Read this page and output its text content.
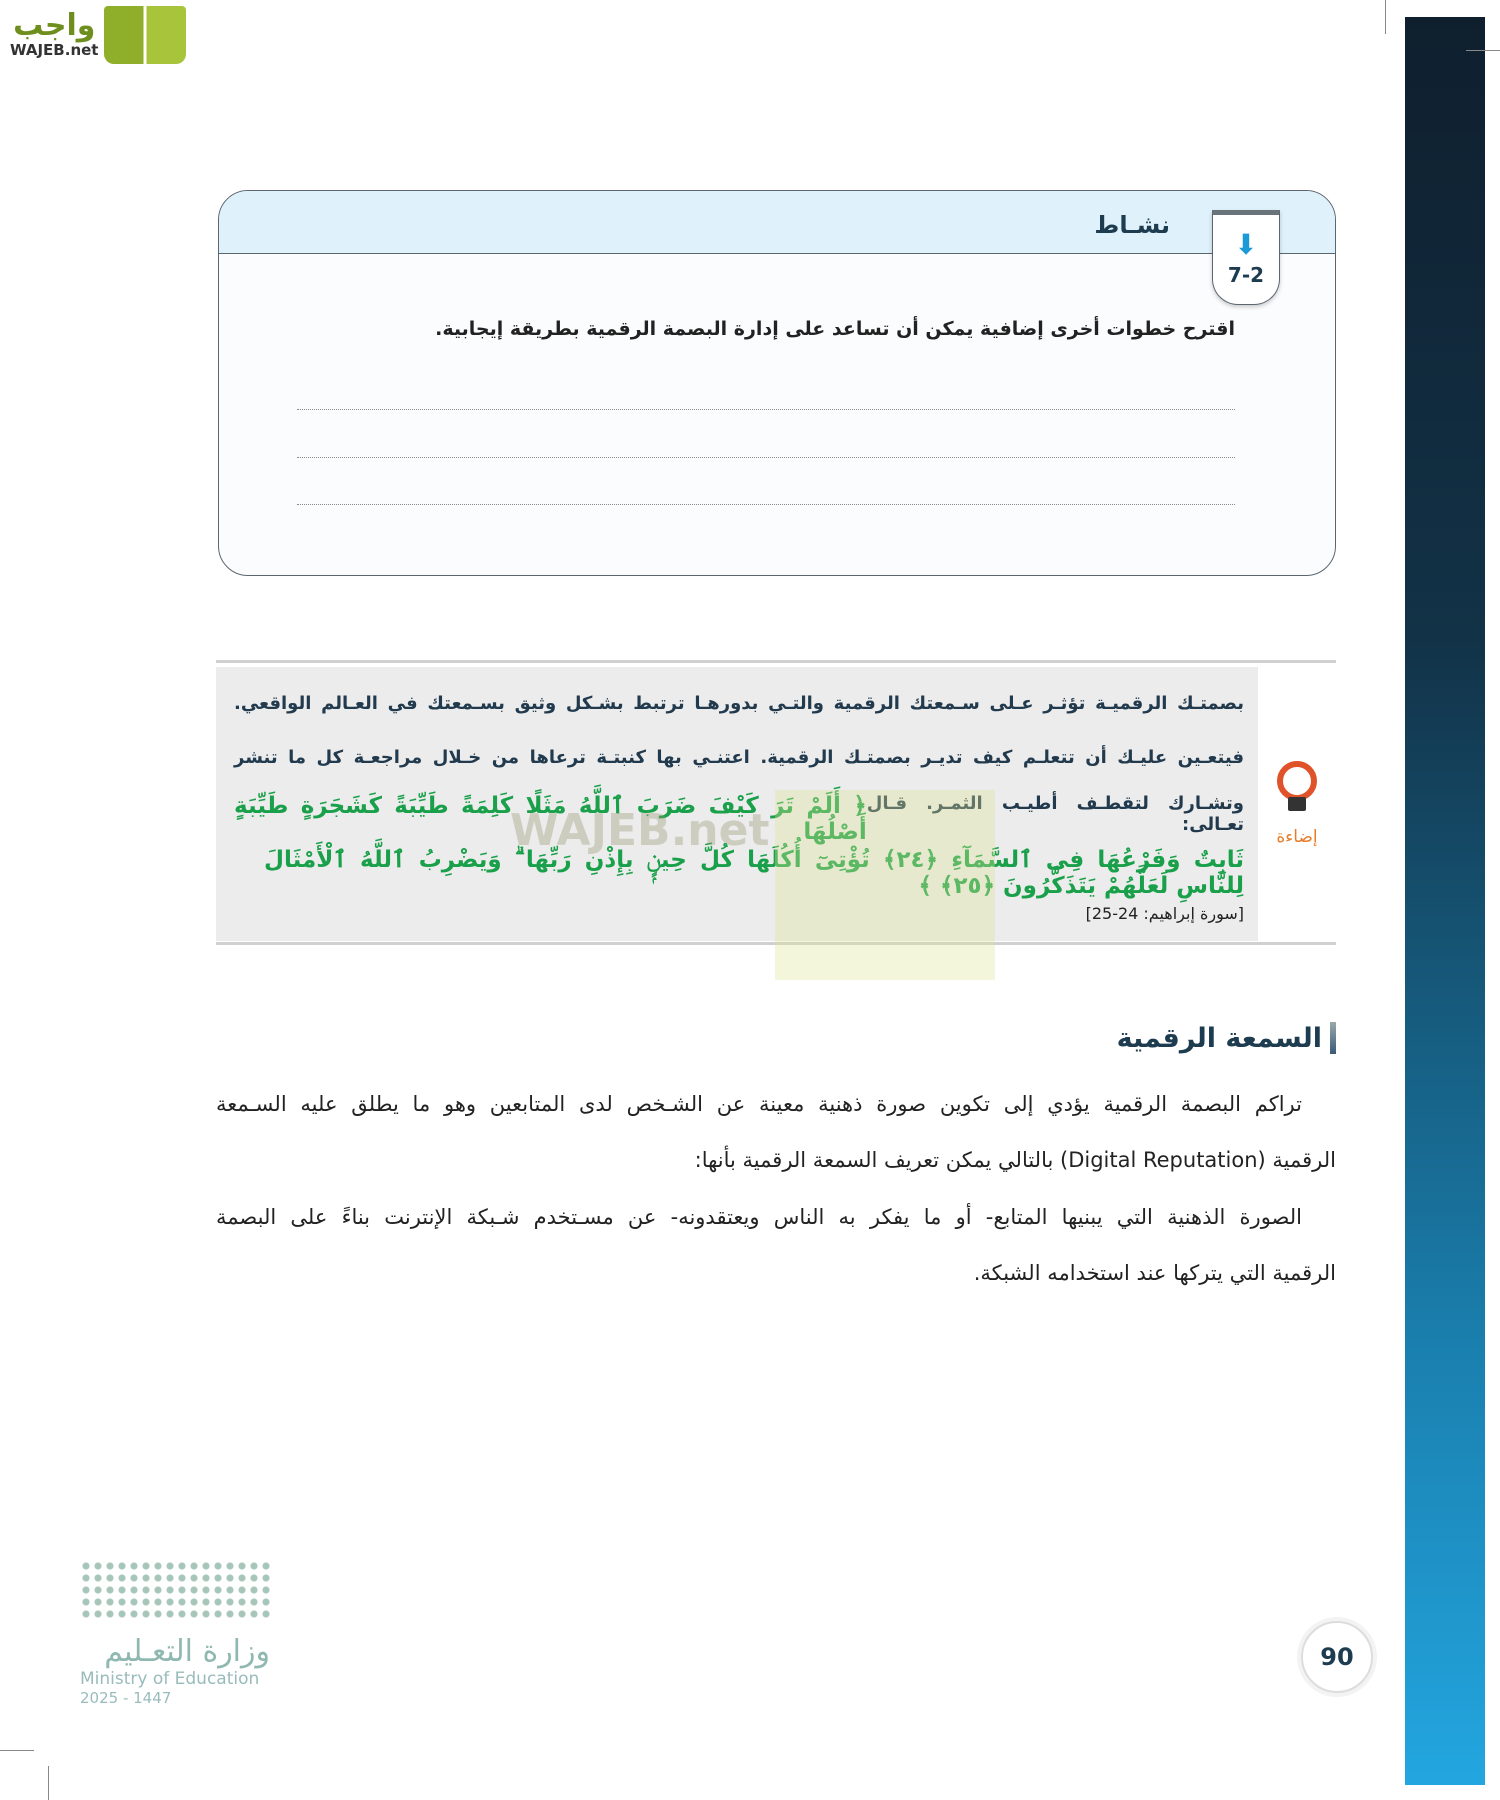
واجب
WAJEB.net
نشـاط
⬇
7-2
اقترح خطوات أخرى إضافية يمكن أن تساعد على إدارة البصمة الرقمية بطريقة إيجابية.
بصمتـك الرقميـة تؤثـر عـلى سـمعتك الرقمية والتـي بدورهـا ترتبط بشـكل وثيق بسـمعتك في العـالم الواقعي.
فيتعـين عليـك أن تتعلـم كيف تديـر بصمتـك الرقمية. اعتنـي بها كنبتـة ترعاها من خـلال مراجعـة كل ما تنشر
وتشـارك لتقطـف أطيـب الثمـر. قـال تعـالى:
﴿ أَلَمْ تَرَ كَيْفَ ضَرَبَ ٱللَّهُ مَثَلًا كَلِمَةً طَيِّبَةً كَشَجَرَةٍ طَيِّبَةٍ أَصْلُهَا
ثَابِتٌ وَفَرْعُهَا فِى ٱلسَّمَآءِ ﴿٢٤﴾ تُؤْتِىٓ أُكُلَهَا كُلَّ حِينٍۭ بِإِذْنِ رَبِّهَا ۗ وَيَضْرِبُ ٱللَّهُ ٱلْأَمْثَالَ لِلنَّاسِ لَعَلَّهُمْ يَتَذَكَّرُونَ ﴿٢٥﴾ ﴾
[سورة إبراهيم: 24-25]
إضاءة
WAJEB.net
السمعة الرقمية
تراكم البصمة الرقمية يؤدي إلى تكوين صورة ذهنية معينة عن الشـخص لدى المتابعين وهو ما يطلق عليه السـمعة
الرقمية (Digital Reputation) بالتالي يمكن تعريف السمعة الرقمية بأنها:
الصورة الذهنية التي يبنيها المتابع- أو ما يفكر به الناس ويعتقدونه- عن مسـتخدم شـبكة الإنترنت بناءً على البصمة
الرقمية التي يتركها عند استخدامه الشبكة.
90
وزارة التعـليم
Ministry of Education
2025 - 1447
